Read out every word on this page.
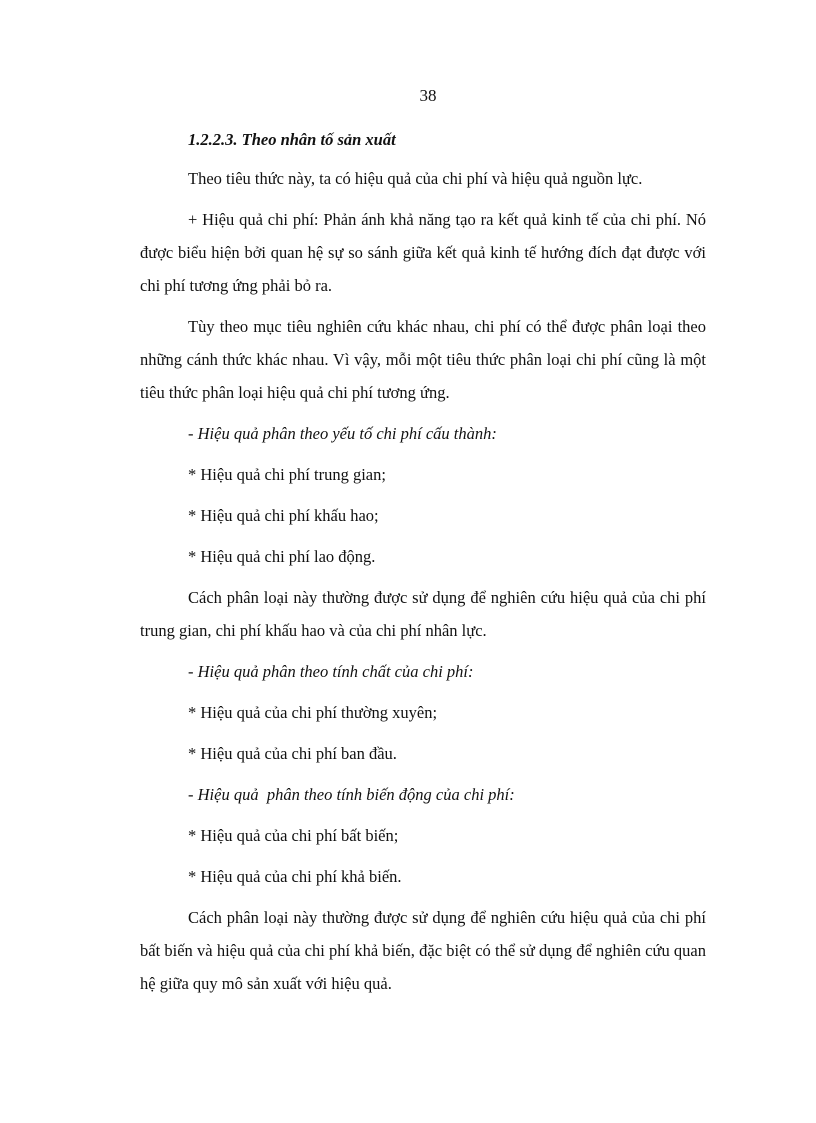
38

1.2.2.3. Theo nhân tố sản xuất

Theo tiêu thức này, ta có hiệu quả của chi phí và hiệu quả nguồn lực.

+ Hiệu quả chi phí: Phản ánh khả năng tạo ra kết quả kinh tế của chi phí. Nó được biểu hiện bởi quan hệ sự so sánh giữa kết quả kinh tế hướng đích đạt được với chi phí tương ứng phải bỏ ra.

Tùy theo mục tiêu nghiên cứu khác nhau, chi phí có thể được phân loại theo những cánh thức khác nhau. Vì vậy, mỗi một tiêu thức phân loại chi phí cũng là một tiêu thức phân loại hiệu quả chi phí tương ứng.

- Hiệu quả phân theo yếu tố chi phí cấu thành:

* Hiệu quả chi phí trung gian;

* Hiệu quả chi phí khấu hao;

* Hiệu quả chi phí lao động.

Cách phân loại này thường được sử dụng để nghiên cứu hiệu quả của chi phí trung gian, chi phí khấu hao và của chi phí nhân lực.

- Hiệu quả phân theo tính chất của chi phí:

* Hiệu quả của chi phí thường xuyên;

* Hiệu quả của chi phí ban đầu.

- Hiệu quả  phân theo tính biến động của chi phí:

* Hiệu quả của chi phí bất biến;

* Hiệu quả của chi phí khả biến.

Cách phân loại này thường được sử dụng để nghiên cứu hiệu quả của chi phí bất biến và hiệu quả của chi phí khả biến, đặc biệt có thể sử dụng để nghiên cứu quan hệ giữa quy mô sản xuất với hiệu quả.
